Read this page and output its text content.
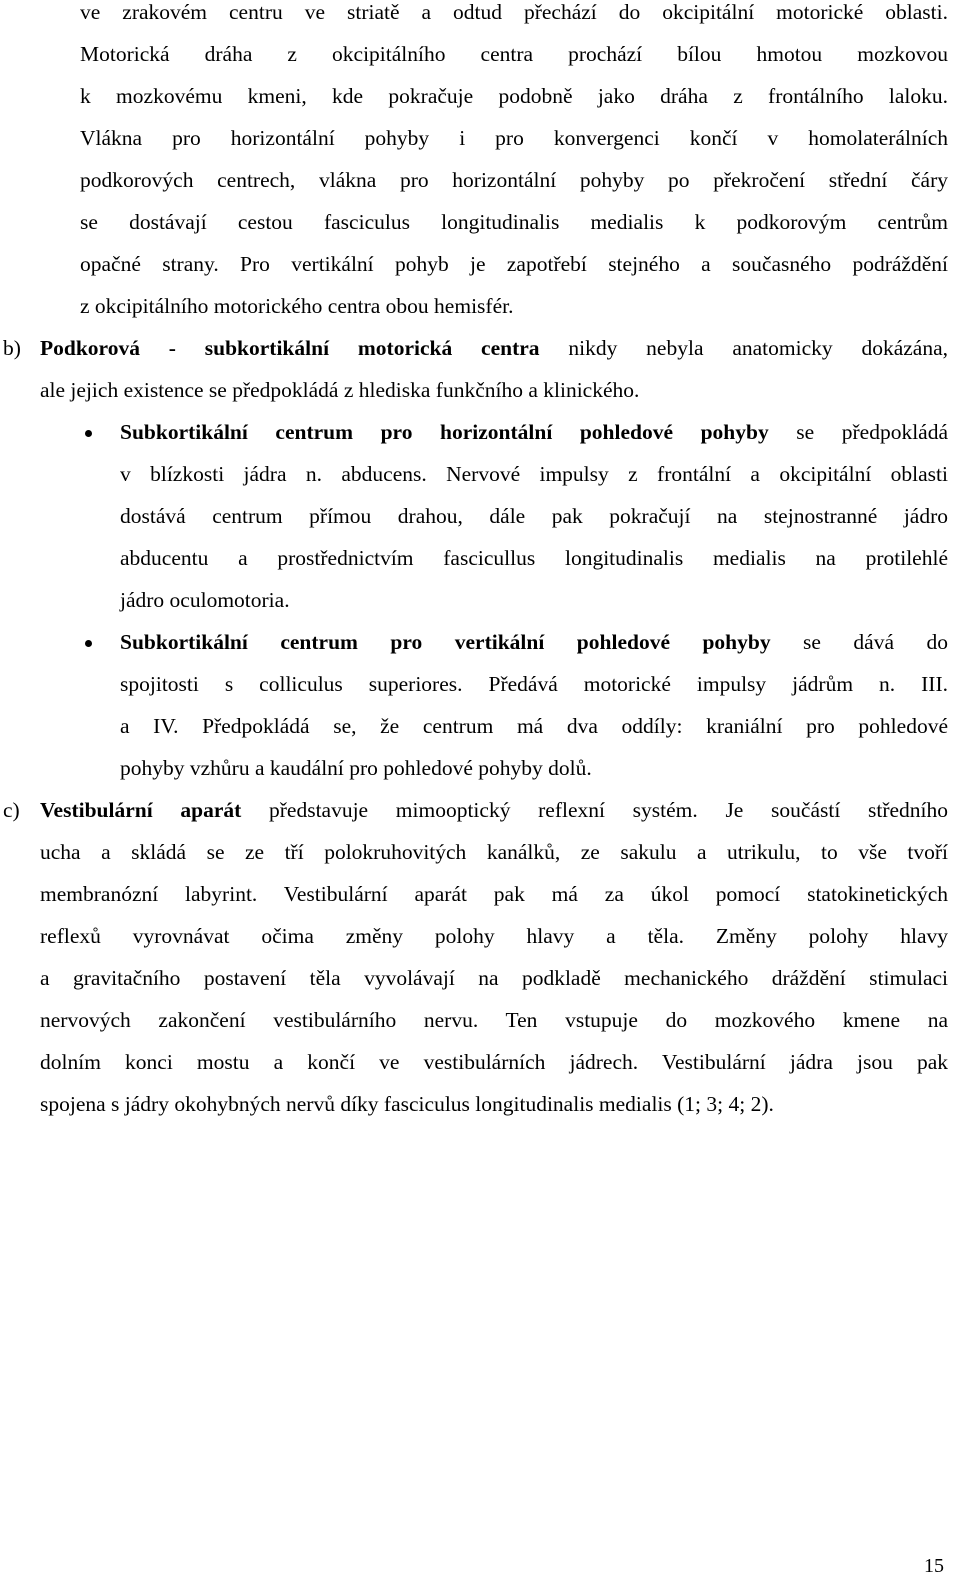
ve zrakovém centru ve striatě a odtud přechází do okcipitální motorické oblasti.
Motorická dráha z okcipitálního centra prochází bílou hmotou mozkovou
k mozkovému kmeni, kde pokračuje podobně jako dráha z frontálního laloku.
Vlákna pro horizontální pohyby i pro konvergenci končí v homolaterálních
podkorových centrech, vlákna pro horizontální pohyby po překročení střední čáry
se dostávají cestou fasciculus longitudinalis medialis k podkorovým centrům
opačné strany. Pro vertikální pohyb je zapotřebí stejného a současného podráždění
z okcipitálního motorického centra obou hemisfér.
b) Podkorová - subkortikální motorická centra nikdy nebyla anatomicky dokázána,
ale jejich existence se předpokládá z hlediska funkčního a klinického.
Subkortikální centrum pro horizontální pohledové pohyby se předpokládá
v blízkosti jádra n. abducens. Nervové impulsy z frontální a okcipitální oblasti
dostává centrum přímou drahou, dále pak pokračují na stejnostranné jádro
abducentu a prostřednictvím fascicullus longitudinalis medialis na protilehlé
jádro oculomotoria.
Subkortikální centrum pro vertikální pohledové pohyby se dává do
spojitosti s colliculus superiores. Předává motorické impulsy jádrům n. III.
a IV. Předpokládá se, že centrum má dva oddíly: kraniální pro pohledové
pohyby vzhůru a kaudální pro pohledové pohyby dolů.
c) Vestibulární aparát představuje mimooptický reflexní systém. Je součástí středního
ucha a skládá se ze tří polokruhovitých kanálků, ze sakulu a utrikulu, to vše tvoří
membranózní labyrint. Vestibulární aparát pak má za úkol pomocí statokinetických
reflexů vyrovnávat očima změny polohy hlavy a těla. Změny polohy hlavy
a gravitačního postavení těla vyvolávají na podkladě mechanického dráždění stimulaci
nervových zakončení vestibulárního nervu. Ten vstupuje do mozkového kmene na
dolním konci mostu a končí ve vestibulárních jádrech. Vestibulární jádra jsou pak
spojena s jádry okohybných nervů díky fasciculus longitudinalis medialis (1; 3; 4; 2).
15
